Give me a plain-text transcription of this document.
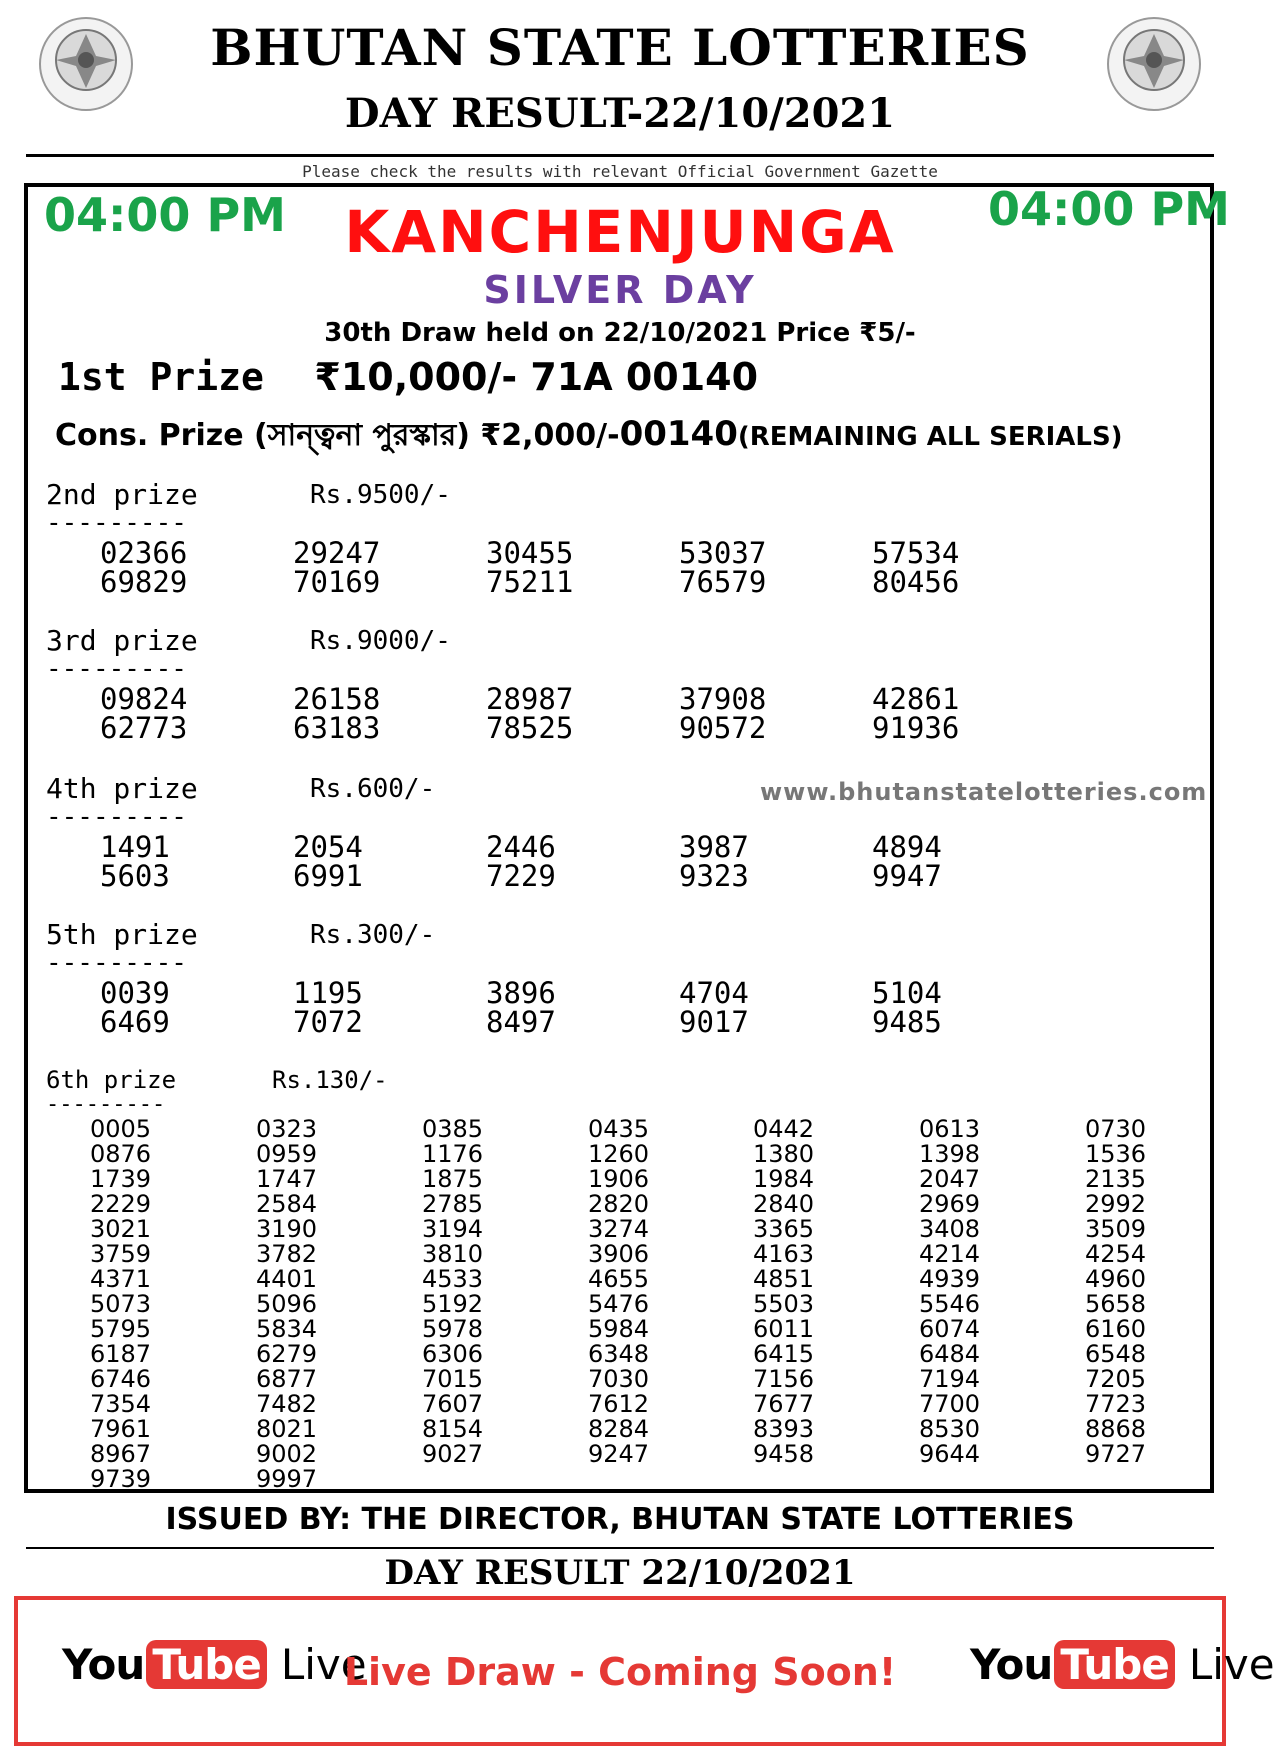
BHUTAN STATE LOTTERIES
DAY RESULT-22/10/2021
Please check the results with relevant Official Government Gazette
04:00 PM	04:00 PM
KANCHENJUNGA
SILVER DAY
30th Draw held on 22/10/2021 Price ₹5/-
1st Prize ₹10,000/- 71A 00140
Cons. Prize (সান্ত্বনা পুরস্কার) ₹2,000/-00140(REMAINING ALL SERIALS)
2nd prize	Rs.9500/-
---------
02366	29247	30455	53037	57534
69829	70169	75211	76579	80456
3rd prize	Rs.9000/-
---------
09824	26158	28987	37908	42861
62773	63183	78525	90572	91936
4th prize	Rs.600/-	www.bhutanstatelotteries.com
---------
1491	2054	2446	3987	4894
5603	6991	7229	9323	9947
5th prize	Rs.300/-
---------
0039	1195	3896	4704	5104
6469	7072	8497	9017	9485
6th prize	Rs.130/-
---------
0005	0323	0385	0435	0442	0613	0730
0876	0959	1176	1260	1380	1398	1536
1739	1747	1875	1906	1984	2047	2135
2229	2584	2785	2820	2840	2969	2992
3021	3190	3194	3274	3365	3408	3509
3759	3782	3810	3906	4163	4214	4254
4371	4401	4533	4655	4851	4939	4960
5073	5096	5192	5476	5503	5546	5658
5795	5834	5978	5984	6011	6074	6160
6187	6279	6306	6348	6415	6484	6548
6746	6877	7015	7030	7156	7194	7205
7354	7482	7607	7612	7677	7700	7723
7961	8021	8154	8284	8393	8530	8868
8967	9002	9027	9247	9458	9644	9727
9739	9997
ISSUED BY: THE DIRECTOR, BHUTAN STATE LOTTERIES
DAY RESULT 22/10/2021
You Tube Live
Live Draw - Coming Soon!	You Tube Live
